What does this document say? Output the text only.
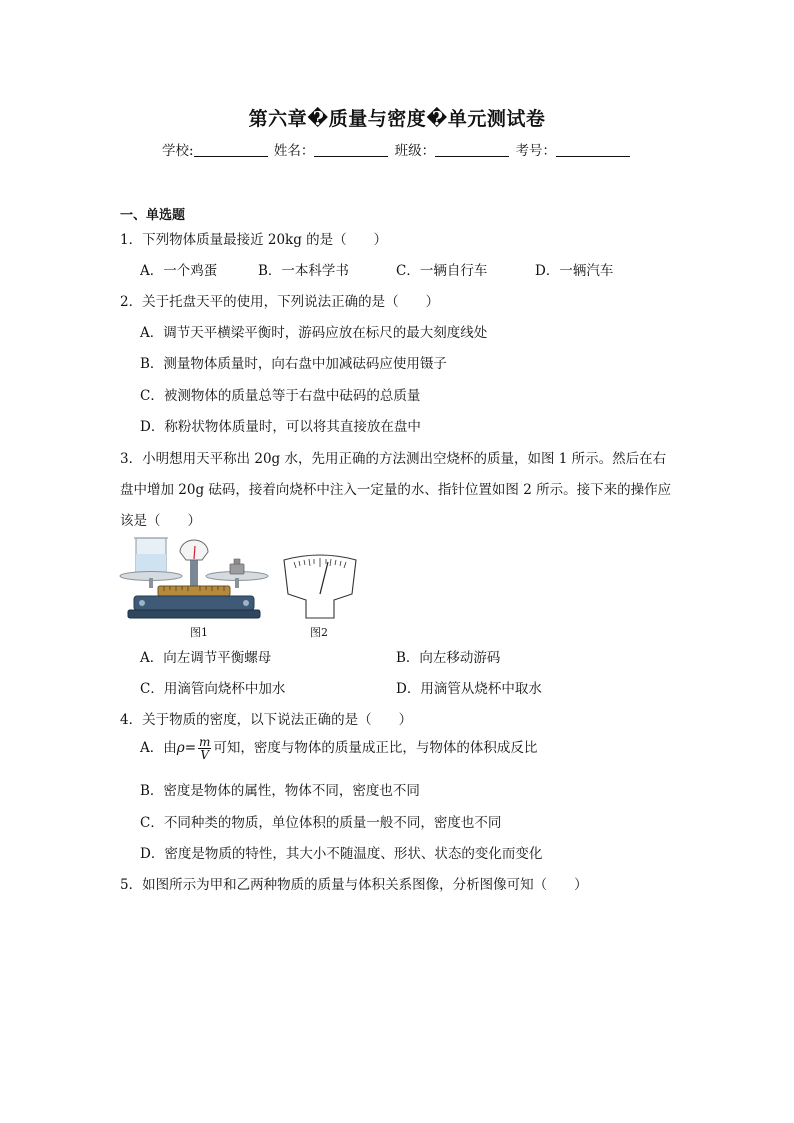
第六章�质量与密度�单元测试卷
学校:	姓名：	班级：	考号：
一、单选题
1．下列物体质量最接近 20kg 的是（　　）
A．一个鸡蛋	B．一本科学书	C．一辆自行车	D．一辆汽车
2．关于托盘天平的使用，下列说法正确的是（　　）
A．调节天平横梁平衡时，游码应放在标尺的最大刻度线处
B．测量物体质量时，向右盘中加减砝码应使用镊子
C．被测物体的质量总等于右盘中砝码的总质量
D．称粉状物体质量时，可以将其直接放在盘中
3．小明想用天平称出 20g 水，先用正确的方法测出空烧杯的质量，如图 1 所示。然后在右
盘中增加 20g 砝码，接着向烧杯中注入一定量的水、指针位置如图 2 所示。接下来的操作应
该是（　　）
图1	图2
A．向左调节平衡螺母	B．向左移动游码
C．用滴管向烧杯中加水	D．用滴管从烧杯中取水
4．关于物质的密度，以下说法正确的是（　　）
A．由$\rho= \frac{m}{V}$ 可知，密度与物体的质量成正比，与物体的体积成反比
B．密度是物体的属性，物体不同，密度也不同
C．不同种类的物质，单位体积的质量一般不同，密度也不同
D．密度是物质的特性，其大小不随温度、形状、状态的变化而变化
5．如图所示为甲和乙两种物质的质量与体积关系图像，分析图像可知（　　）
